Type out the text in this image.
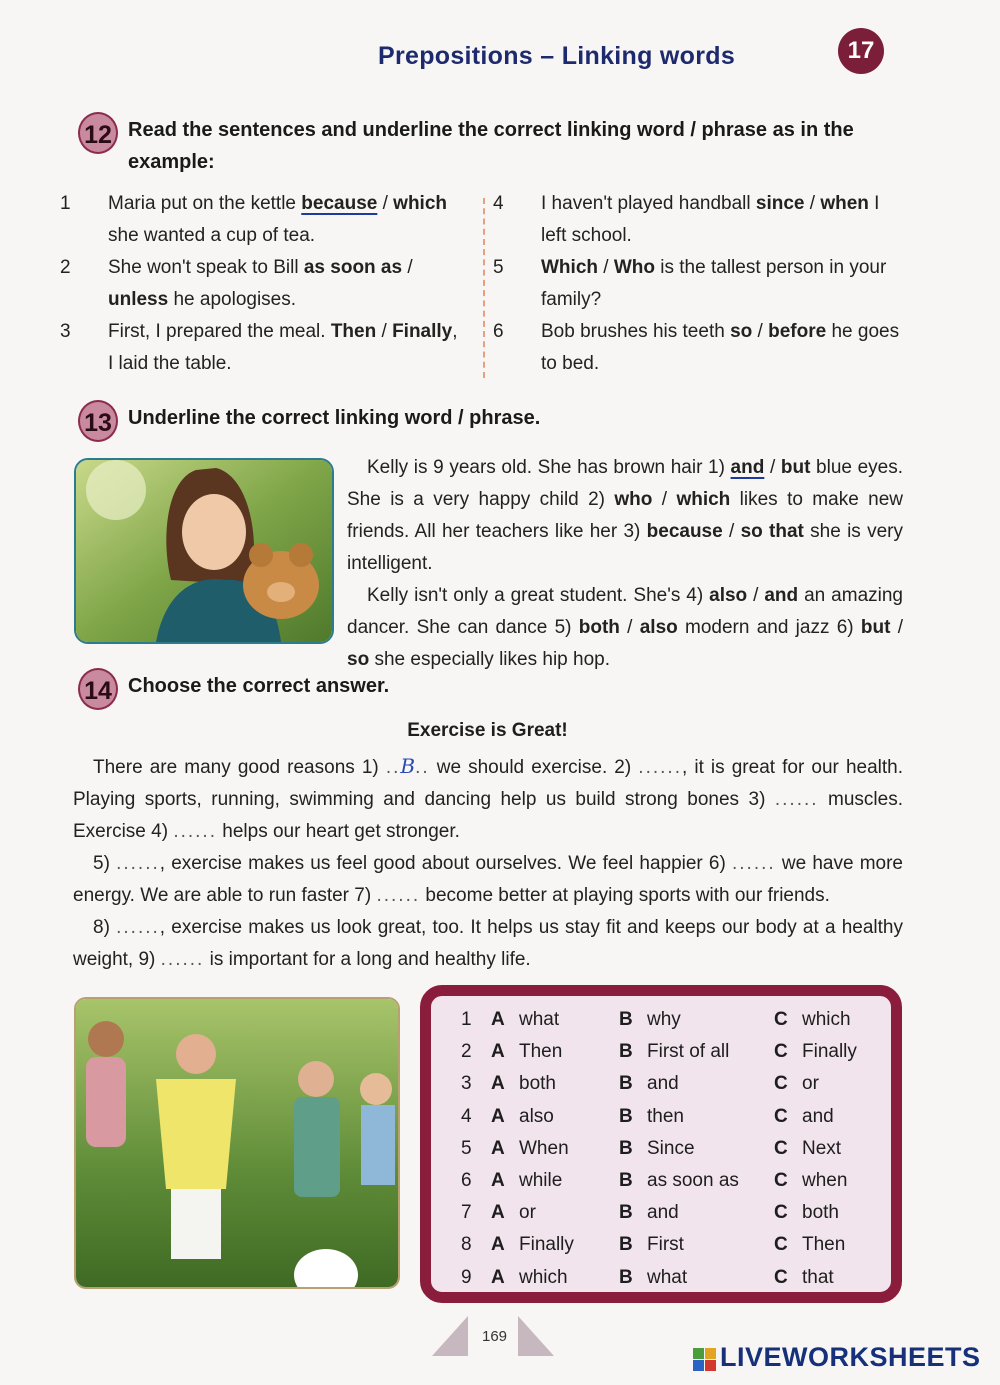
Prepositions – Linking words	17
12 Read the sentences and underline the correct linking word / phrase as in the example:
1 Maria put on the kettle because / which she wanted a cup of tea.
2 She won't speak to Bill as soon as / unless he apologises.
3 First, I prepared the meal. Then / Finally, I laid the table.
4 I haven't played handball since / when I left school.
5 Which / Who is the tallest person in your family?
6 Bob brushes his teeth so / before he goes to bed.
13 Underline the correct linking word / phrase.
Kelly is 9 years old. She has brown hair 1) and / but blue eyes. She is a very happy child 2) who / which likes to make new friends. All her teachers like her 3) because / so that she is very intelligent.
Kelly isn't only a great student. She's 4) also / and an amazing dancer. She can dance 5) both / also modern and jazz 6) but / so she especially likes hip hop.
14 Choose the correct answer.
Exercise is Great!
There are many good reasons 1) ..B.. we should exercise. 2) ......, it is great for our health. Playing sports, running, swimming and dancing help us build strong bones 3) ...... muscles. Exercise 4) ...... helps our heart get stronger.
5) ......, exercise makes us feel good about ourselves. We feel happier 6) ...... we have more energy. We are able to run faster 7) ...... become better at playing sports with our friends.
8) ......, exercise makes us look great, too. It helps us stay fit and keeps our body at a healthy weight, 9) ...... is important for a long and healthy life.
1 A what	B why	C which
2 A Then	B First of all C Finally
3 A both	B and	C or
4 A also	B then	C and
5 A When	B Since	C Next
6 A while	B as soon as C when
7 A or	B and	C both
8 A Finally B First	C Then
9 A which	B what	C that
169
LIVEWORKSHEETS
